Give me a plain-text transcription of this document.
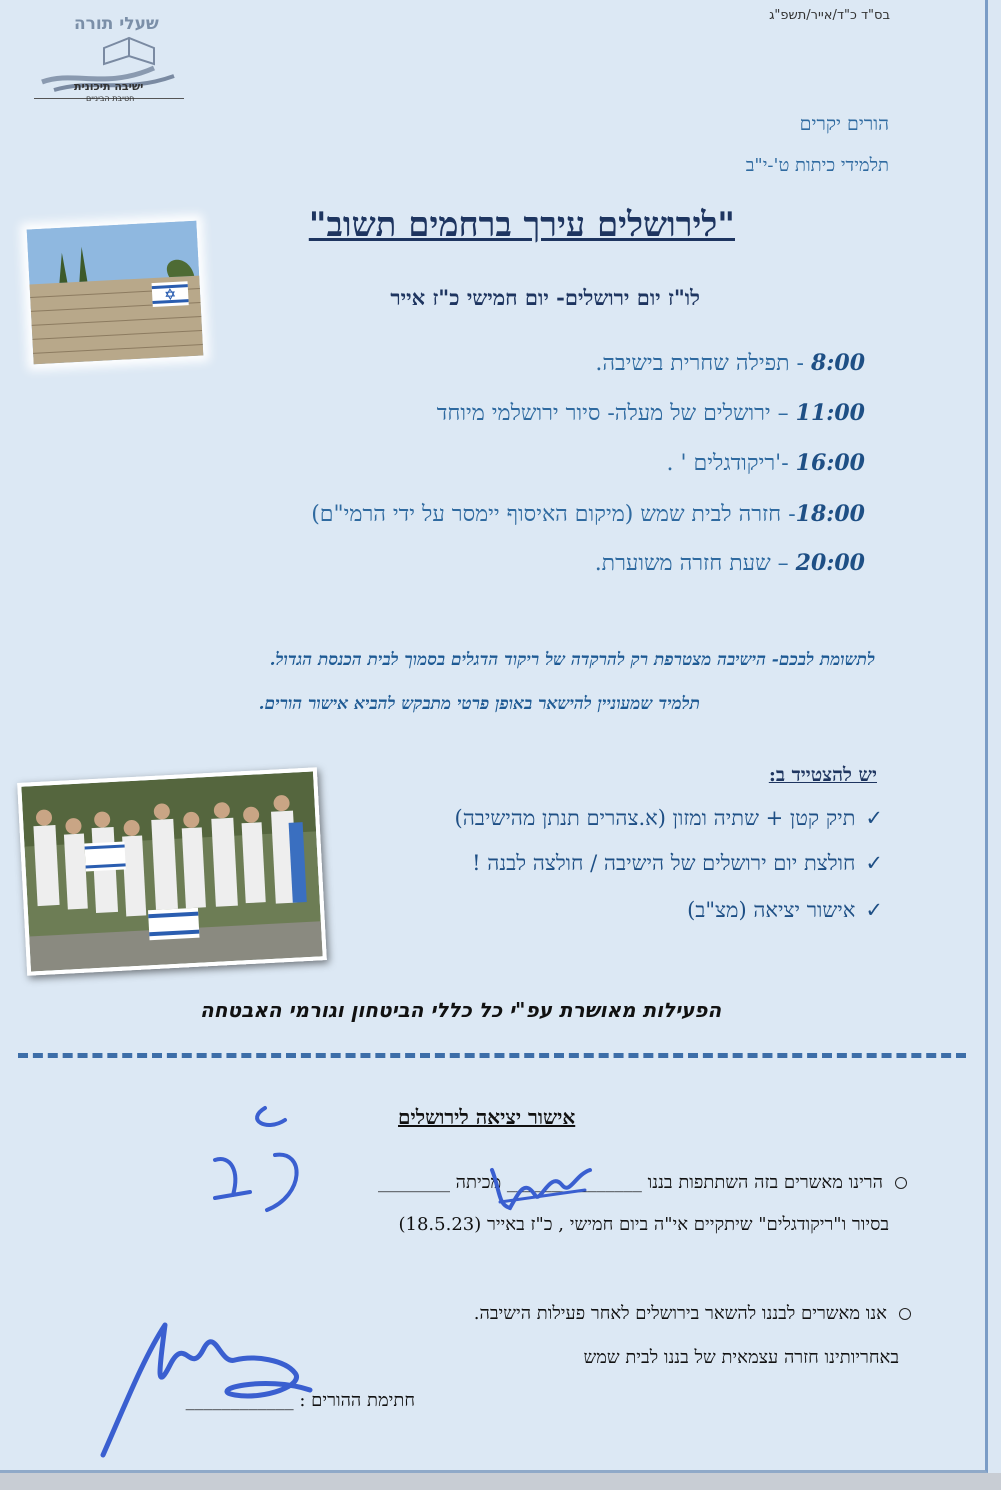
בס"ד כ"ד/אייר/תשפ"ג
שעלי תורה
ישיבה תיכונית
חטיבת הביניים
הורים יקרים
תלמידי כיתות ט'-י"ב
"לירושלים עירך ברחמים תשוב"
לו"ז יום ירושלים- יום חמישי כ"ז אייר
8:00 - תפילה שחרית בישיבה.
11:00 – ירושלים של מעלה- סיור ירושלמי מיוחד
16:00 -'ריקודגלים ' .
18:00- חזרה לבית שמש (מיקום האיסוף יימסר על ידי הרמי"ם)
20:00 – שעת חזרה משוערת.
לתשומת לבכם- הישיבה מצטרפת רק להרקדה של ריקוד הדגלים בסמוך לבית הכנסת הגדול.
תלמיד שמעוניין להישאר באופן פרטי מתבקש להביא אישור הורים.
יש להצטייד ב:
✓תיק קטן + שתיה ומזון (א.צהרים תנתן מהישיבה)
✓חולצת יום ירושלים של הישיבה / חולצה לבנה !
✓אישור יציאה (מצ"ב)
הפעילות מאושרת עפ"י כל כללי הביטחון וגורמי האבטחה
אישור יציאה לירושלים
הרינו מאשרים בזה השתתפות בננו _______________ מכיתה ________
בסיור ו"ריקודגלים" שיתקיים אי"ה ביום חמישי , כ"ז באייר (18.5.23)
אנו מאשרים לבננו להשאר בירושלים לאחר פעילות הישיבה.
באחריותינו חזרה עצמאית של בננו לבית שמש
חתימת ההורים : ____________
